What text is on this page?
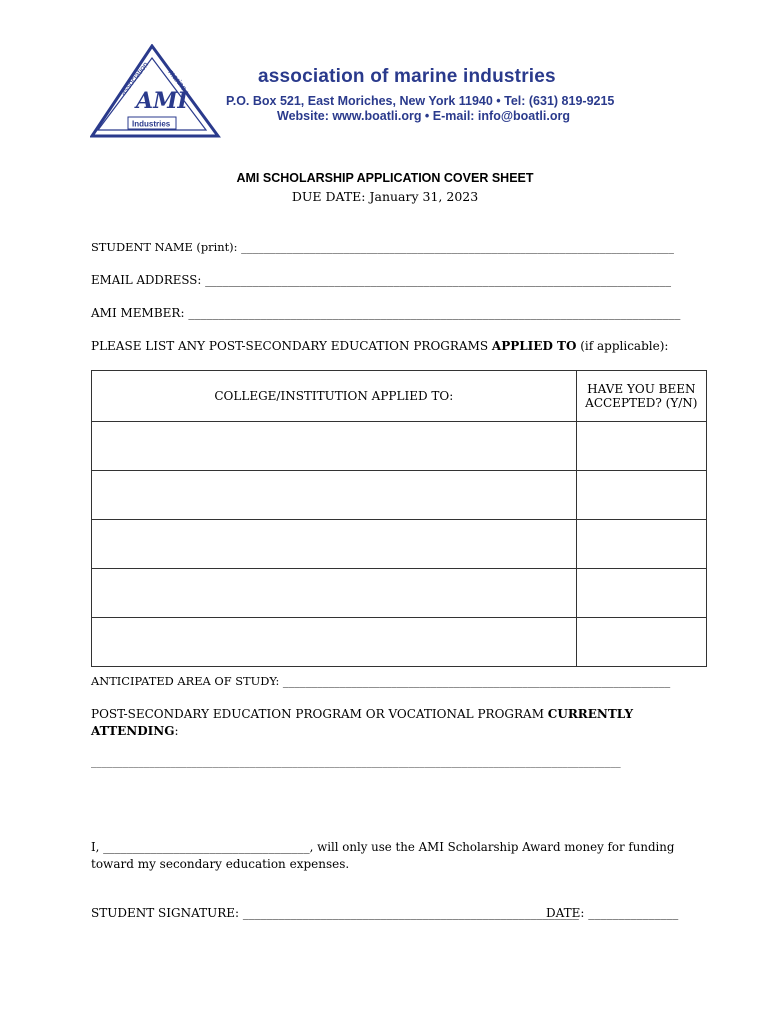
association marine
AMI
Industries
association of marine industries
P.O. Box 521, East Moriches, New York 11940 • Tel: (631) 819-9215
Website: www.boatli.org • E-mail: info@boatli.org
AMI SCHOLARSHIP APPLICATION COVER SHEET
DUE DATE: January 31, 2023
STUDENT NAME (print): ____________________________________________________________________________
EMAIL ADDRESS: _______________________________________________________________________________
AMI MEMBER: __________________________________________________________________________________
PLEASE LIST ANY POST-SECONDARY EDUCATION PROGRAMS APPLIED TO (if applicable):
COLLEGE/INSTITUTION APPLIED TO:	HAVE YOU BEEN
ACCEPTED? (Y/N)

ANTICIPATED AREA OF STUDY: ____________________________________________________________________
POST-SECONDARY EDUCATION PROGRAM OR VOCATIONAL PROGRAM CURRENTLY
ATTENDING:
____________________________________________________________________________________________________
I, ___________________________________, will only use the AMI Scholarship Award money for funding
toward my secondary education expenses.
STUDENT SIGNATURE: ________________________________________________________
DATE: _______________
